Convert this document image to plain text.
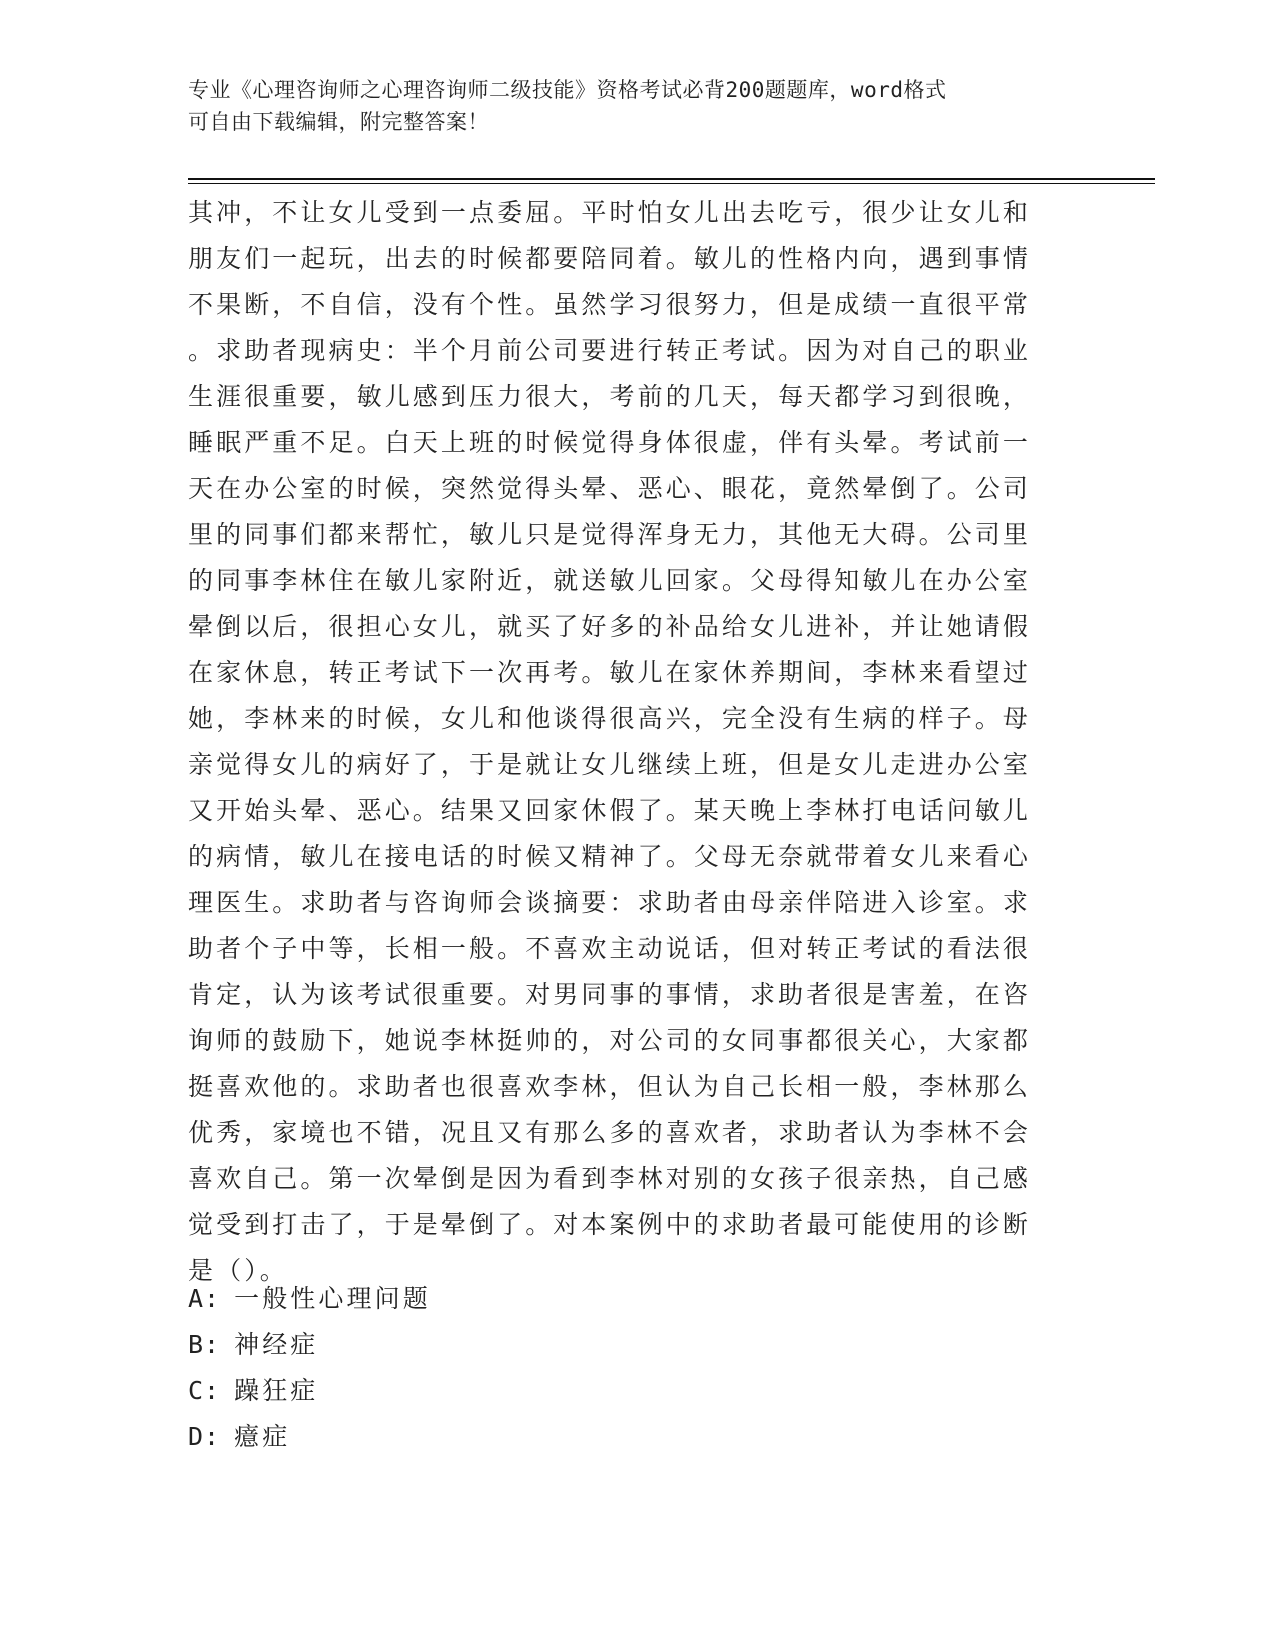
专业《心理咨询师之心理咨询师二级技能》资格考试必背200题题库，word格式
可自由下载编辑，附完整答案！
其冲，不让女儿受到一点委屈。平时怕女儿出去吃亏，很少让女儿和
朋友们一起玩，出去的时候都要陪同着。敏儿的性格内向，遇到事情
不果断，不自信，没有个性。虽然学习很努力，但是成绩一直很平常
。求助者现病史：半个月前公司要进行转正考试。因为对自己的职业
生涯很重要，敏儿感到压力很大，考前的几天，每天都学习到很晚，
睡眠严重不足。白天上班的时候觉得身体很虚，伴有头晕。考试前一
天在办公室的时候，突然觉得头晕、恶心、眼花，竟然晕倒了。公司
里的同事们都来帮忙，敏儿只是觉得浑身无力，其他无大碍。公司里
的同事李林住在敏儿家附近，就送敏儿回家。父母得知敏儿在办公室
晕倒以后，很担心女儿，就买了好多的补品给女儿进补，并让她请假
在家休息，转正考试下一次再考。敏儿在家休养期间，李林来看望过
她，李林来的时候，女儿和他谈得很高兴，完全没有生病的样子。母
亲觉得女儿的病好了，于是就让女儿继续上班，但是女儿走进办公室
又开始头晕、恶心。结果又回家休假了。某天晚上李林打电话问敏儿
的病情，敏儿在接电话的时候又精神了。父母无奈就带着女儿来看心
理医生。求助者与咨询师会谈摘要：求助者由母亲伴陪进入诊室。求
助者个子中等，长相一般。不喜欢主动说话，但对转正考试的看法很
肯定，认为该考试很重要。对男同事的事情，求助者很是害羞，在咨
询师的鼓励下，她说李林挺帅的，对公司的女同事都很关心，大家都
挺喜欢他的。求助者也很喜欢李林，但认为自己长相一般，李林那么
优秀，家境也不错，况且又有那么多的喜欢者，求助者认为李林不会
喜欢自己。第一次晕倒是因为看到李林对别的女孩子很亲热，自己感
觉受到打击了，于是晕倒了。对本案例中的求助者最可能使用的诊断
是（）。
A: 一般性心理问题
B: 神经症
C: 躁狂症
D: 癔症
